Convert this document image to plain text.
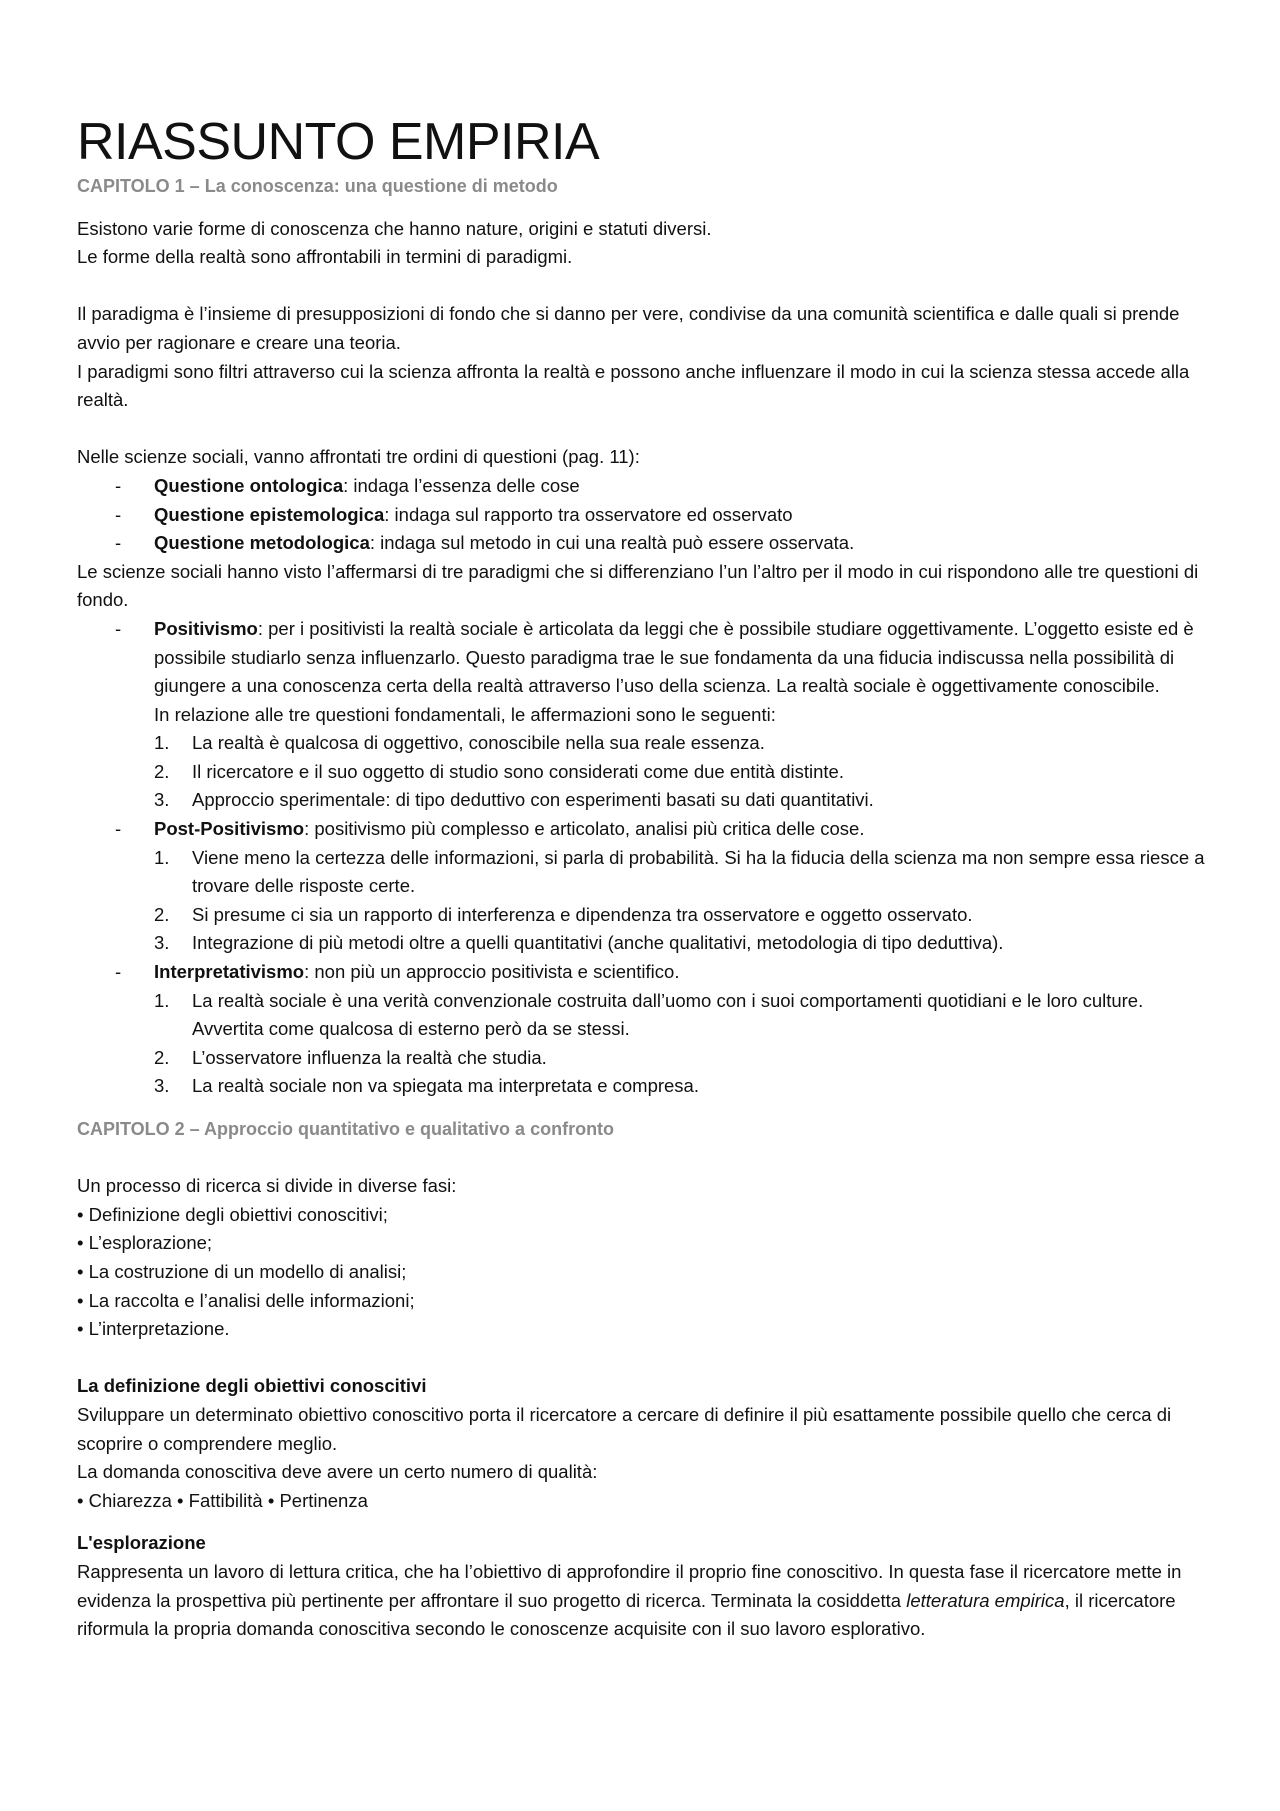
RIASSUNTO EMPIRIA

CAPITOLO 1 – La conoscenza: una questione di metodo

Esistono varie forme di conoscenza che hanno nature, origini e statuti diversi.

Le forme della realtà sono affrontabili in termini di paradigmi.

Il paradigma è l’insieme di presupposizioni di fondo che si danno per vere, condivise da una comunità scientifica e dalle quali si prende avvio per ragionare e creare una teoria.

I paradigmi sono filtri attraverso cui la scienza affronta la realtà e possono anche influenzare il modo in cui la scienza stessa accede alla realtà.

Nelle scienze sociali, vanno affrontati tre ordini di questioni (pag. 11):

- Questione ontologica: indaga l’essenza delle cose
- Questione epistemologica: indaga sul rapporto tra osservatore ed osservato
- Questione metodologica: indaga sul metodo in cui una realtà può essere osservata.

Le scienze sociali hanno visto l’affermarsi di tre paradigmi che si differenziano l’un l’altro per il modo in cui rispondono alle tre questioni di fondo.

- Positivismo: per i positivisti la realtà sociale è articolata da leggi che è possibile studiare oggettivamente. L’oggetto esiste ed è possibile studiarlo senza influenzarlo. Questo paradigma trae le sue fondamenta da una fiducia indiscussa nella possibilità di giungere a una conoscenza certa della realtà attraverso l’uso della scienza. La realtà sociale è oggettivamente conoscibile.
In relazione alle tre questioni fondamentali, le affermazioni sono le seguenti:
1. La realtà è qualcosa di oggettivo, conoscibile nella sua reale essenza.
2. Il ricercatore e il suo oggetto di studio sono considerati come due entità distinte.
3. Approccio sperimentale: di tipo deduttivo con esperimenti basati su dati quantitativi.
- Post-Positivismo: positivismo più complesso e articolato, analisi più critica delle cose.
1. Viene meno la certezza delle informazioni, si parla di probabilità. Si ha la fiducia della scienza ma non sempre essa riesce a trovare delle risposte certe.
2. Si presume ci sia un rapporto di interferenza e dipendenza tra osservatore e oggetto osservato.
3. Integrazione di più metodi oltre a quelli quantitativi (anche qualitativi, metodologia di tipo deduttiva).
- Interpretativismo: non più un approccio positivista e scientifico.
1. La realtà sociale è una verità convenzionale costruita dall’uomo con i suoi comportamenti quotidiani e le loro culture. Avvertita come qualcosa di esterno però da se stessi.
2. L’osservatore influenza la realtà che studia.
3. La realtà sociale non va spiegata ma interpretata e compresa.

CAPITOLO 2 – Approccio quantitativo e qualitativo a confronto

Un processo di ricerca si divide in diverse fasi:

• Definizione degli obiettivi conoscitivi;
• L’esplorazione;
• La costruzione di un modello di analisi;
• La raccolta e l’analisi delle informazioni;
• L’interpretazione.

La definizione degli obiettivi conoscitivi

Sviluppare un determinato obiettivo conoscitivo porta il ricercatore a cercare di definire il più esattamente possibile quello che cerca di scoprire o comprendere meglio.

La domanda conoscitiva deve avere un certo numero di qualità:

• Chiarezza • Fattibilità • Pertinenza

L'esplorazione

Rappresenta un lavoro di lettura critica, che ha l’obiettivo di approfondire il proprio fine conoscitivo. In questa fase il ricercatore mette in evidenza la prospettiva più pertinente per affrontare il suo progetto di ricerca. Terminata la cosiddetta letteratura empirica, il ricercatore riformula la propria domanda conoscitiva secondo le conoscenze acquisite con il suo lavoro esplorativo.
